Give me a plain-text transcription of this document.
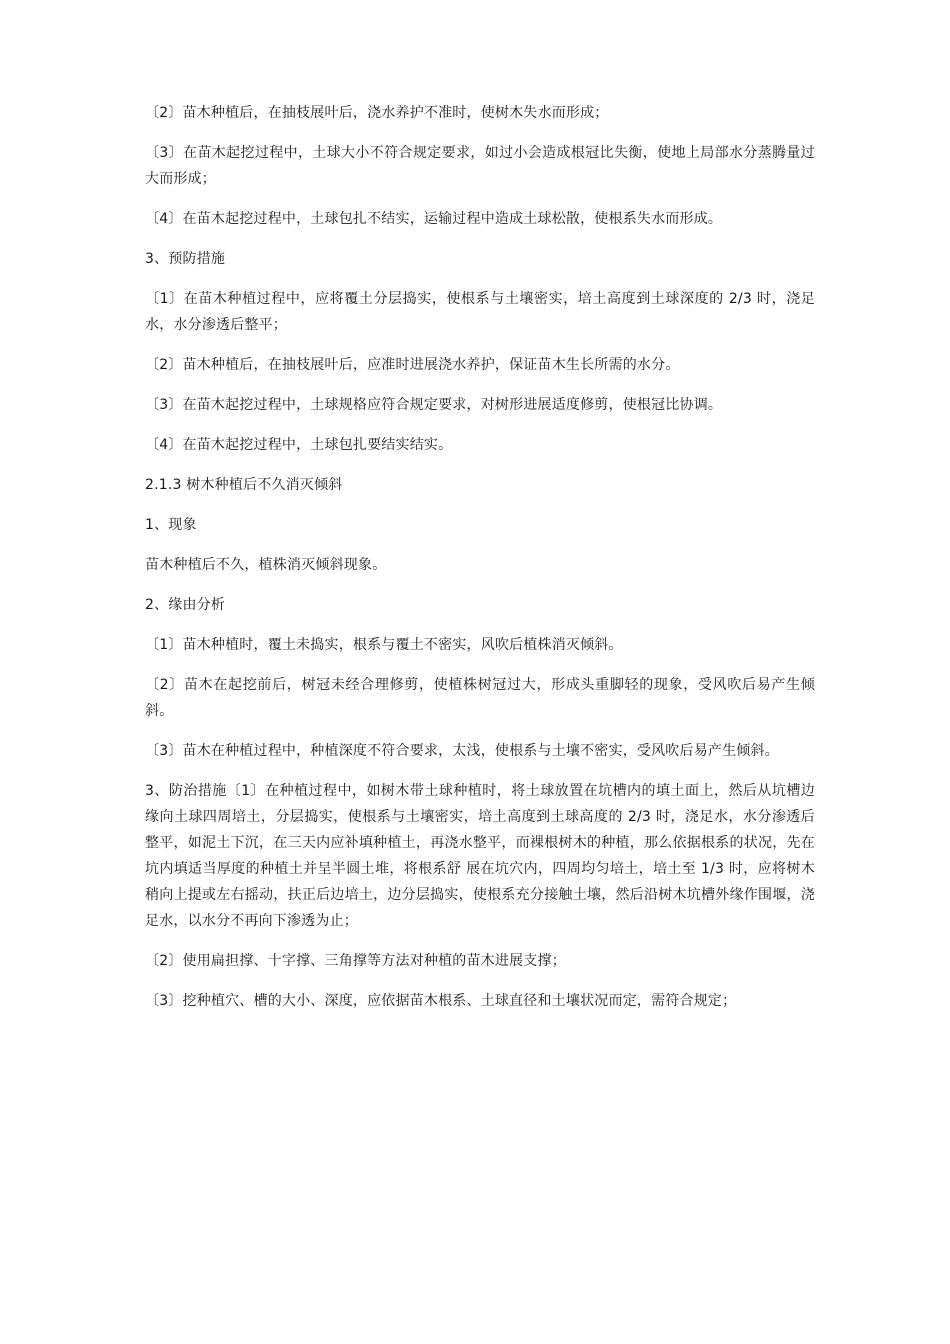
〔2〕苗木种植后，在抽枝展叶后，浇水养护不准时，使树木失水而形成；

〔3〕在苗木起挖过程中，土球大小不符合规定要求，如过小会造成根冠比失衡，使地上局部水分蒸腾量过大而形成；

〔4〕在苗木起挖过程中，土球包扎不结实，运输过程中造成土球松散，使根系失水而形成。

3、预防措施

〔1〕在苗木种植过程中，应将覆土分层捣实，使根系与土壤密实，培土高度到土球深度的 2/3 时，浇足水，水分渗透后整平；

〔2〕苗木种植后，在抽枝展叶后，应准时进展浇水养护，保证苗木生长所需的水分。

〔3〕在苗木起挖过程中，土球规格应符合规定要求，对树形进展适度修剪，使根冠比协调。

〔4〕在苗木起挖过程中，土球包扎要结实结实。

2.1.3 树木种植后不久消灭倾斜

1、现象

苗木种植后不久，植株消灭倾斜现象。

2、缘由分析

〔1〕苗木种植时，覆土未捣实，根系与覆土不密实，风吹后植株消灭倾斜。

〔2〕苗木在起挖前后，树冠未经合理修剪，使植株树冠过大，形成头重脚轻的现象，受风吹后易产生倾斜。

〔3〕苗木在种植过程中，种植深度不符合要求，太浅，使根系与土壤不密实，受风吹后易产生倾斜。

3、防治措施〔1〕在种植过程中，如树木带土球种植时，将土球放置在坑槽内的填土面上，然后从坑槽边缘向土球四周培土，分层捣实，使根系与土壤密实，培土高度到土球高度的 2/3 时，浇足水，水分渗透后整平，如泥土下沉，在三天内应补填种植土，再浇水整平，而裸根树木的种植，那么依据根系的状况，先在坑内填适当厚度的种植土并呈半圆土堆，将根系舒 展在坑穴内，四周均匀培土，培土至 1/3 时，应将树木稍向上提或左右摇动，扶正后边培土，边分层捣实，使根系充分接触土壤，然后沿树木坑槽外缘作围堰，浇足水，以水分不再向下渗透为止；

〔2〕使用扁担撑、十字撑、三角撑等方法对种植的苗木进展支撑；

〔3〕挖种植穴、槽的大小、深度，应依据苗木根系、土球直径和土壤状况而定，需符合规定；
